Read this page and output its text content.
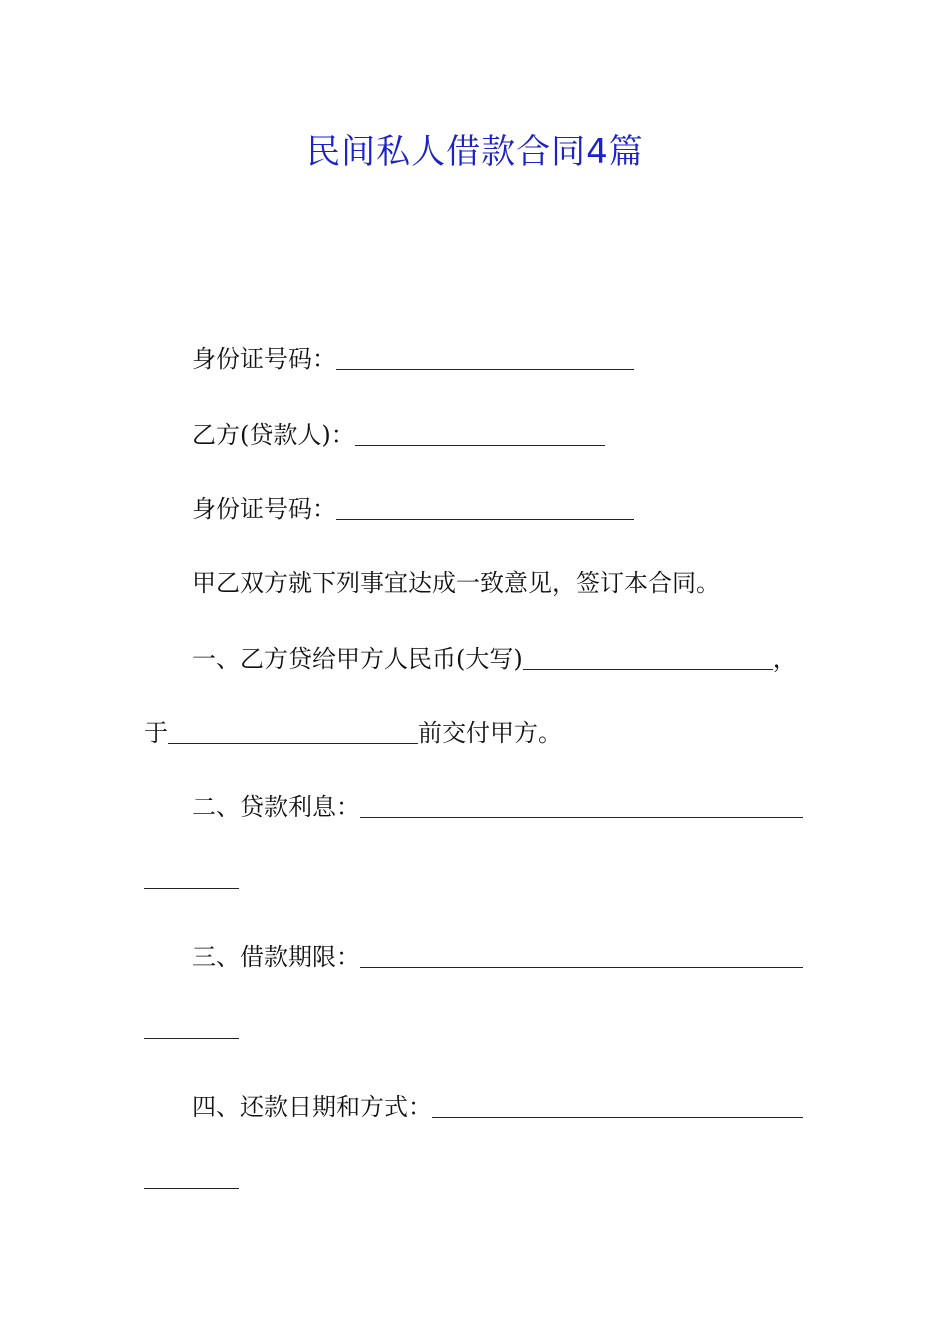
民间私人借款合同4篇
身份证号码：
乙方(贷款人)：
身份证号码：
甲乙双方就下列事宜达成一致意见，签订本合同。
一、乙方贷给甲方人民币(大写)	，
于	前交付甲方。
二、贷款利息：
三、借款期限：
四、还款日期和方式：
